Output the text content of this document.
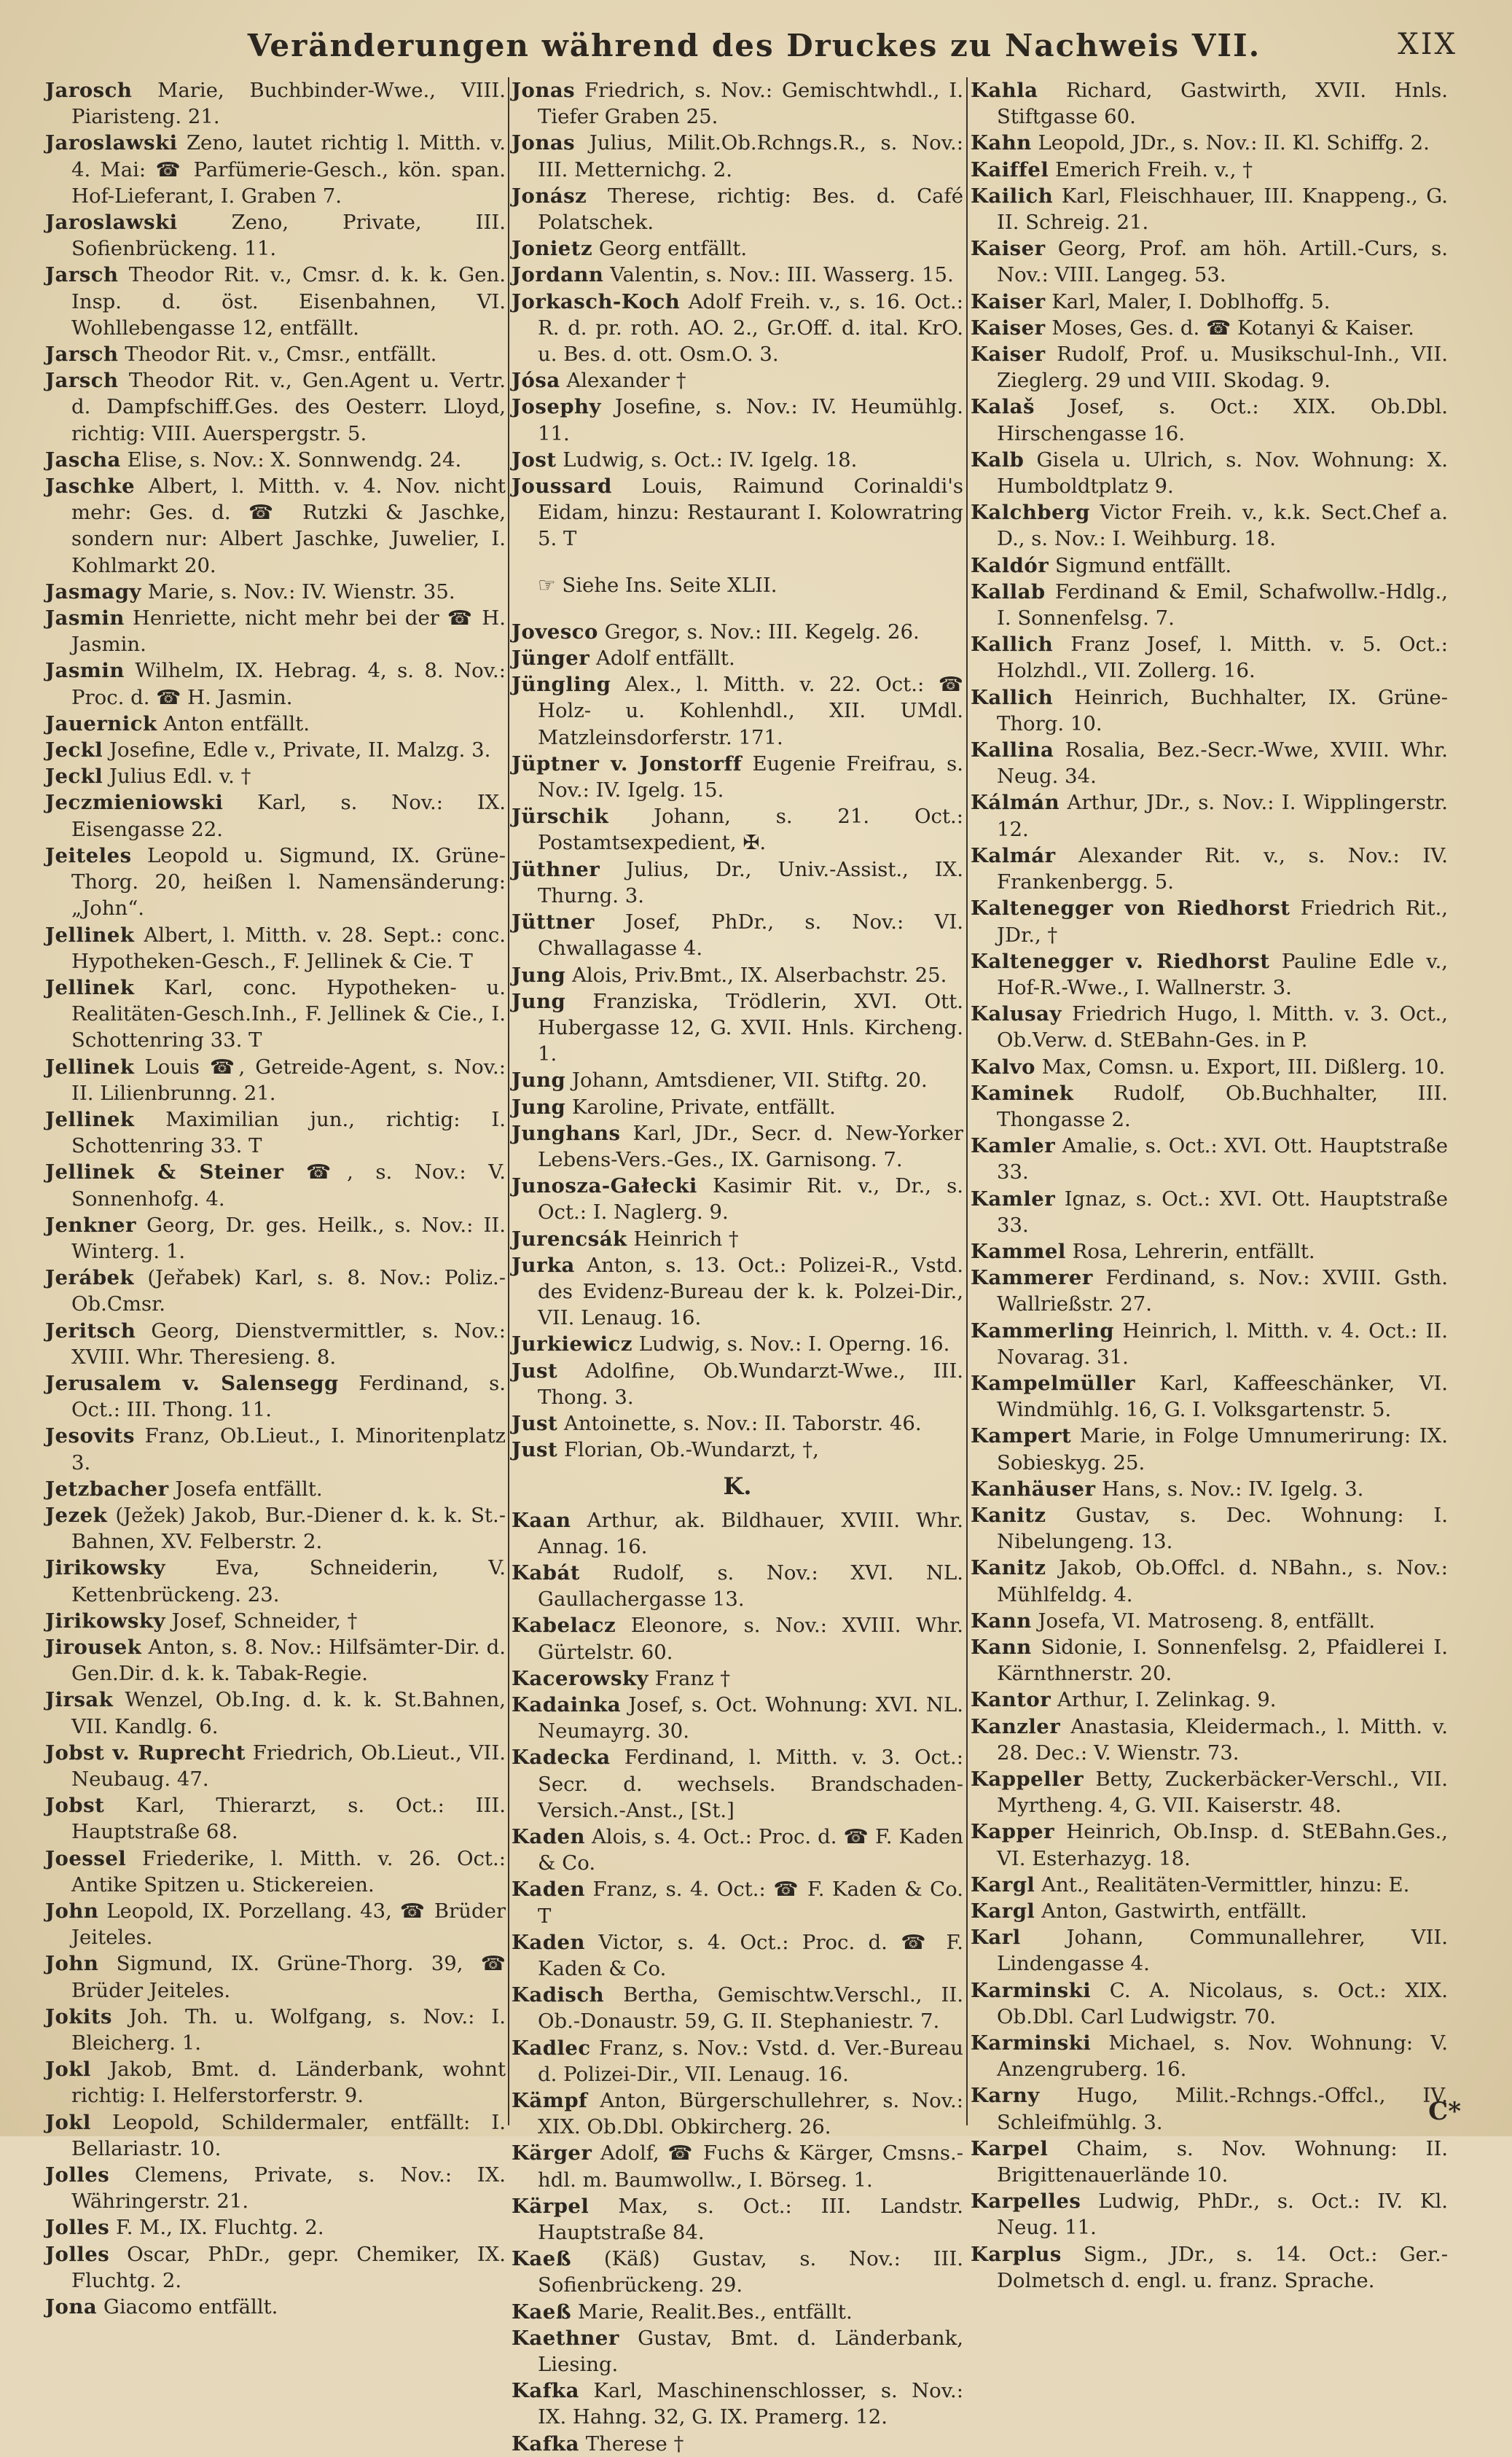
Veränderungen während des Druckes zu Nachweis VII.	XIX

Jarosch Marie, Buchbinder-Wwe., VIII. Piaristeng. 21.

Jaroslawski Zeno, lautet richtig l. Mitth. v. 4. Mai: ☎ Parfümerie-Gesch., kön. span. Hof-Lieferant, I. Graben 7.

Jaroslawski	Zeno, Private, III. Sofienbrückeng. 11.

Jarsch Theodor Rit. v., Cmsr. d. k. k. Gen. Insp. d. öst. Eisenbahnen, VI. Wohllebengasse 12, entfällt.

Jarsch Theodor Rit. v., Cmsr., entfällt.

Jarsch Theodor Rit. v., Gen.Agent u. Vertr. d. Dampfschiff.Ges. des Oesterr. Lloyd, richtig: VIII. Auerspergstr. 5.

Jascha Elise, s. Nov.: X. Sonnwendg. 24.

Jaschke Albert, l. Mitth. v. 4. Nov. nicht mehr: Ges. d. ☎ Rutzki & Jaschke, sondern nur: Albert Jaschke, Juwelier, I. Kohlmarkt 20.

Jasmagy Marie, s. Nov.: IV. Wienstr. 35.

Jasmin Henriette, nicht mehr bei der ☎ H. Jasmin.

Jasmin Wilhelm, IX. Hebrag. 4, s. 8. Nov.: Proc. d. ☎ H. Jasmin.

Jauernick Anton entfällt.

Jeckl Josefine, Edle v., Private, II. Malzg. 3.

Jeckl Julius Edl. v. †

Jeczmieniowski Karl, s. Nov.: IX. Eisengasse 22.

Jeiteles Leopold u. Sigmund, IX. Grüne-Thorg. 20, heißen l. Namensänderung: „John“.

Jellinek Albert, l. Mitth. v. 28. Sept.: conc. Hypotheken-Gesch., F. Jellinek & Cie. T

Jellinek Karl, conc. Hypotheken- u. Realitäten-Gesch.Inh., F. Jellinek & Cie., I. Schottenring 33. T

Jellinek Louis ☎, Getreide-Agent, s. Nov.: II. Lilienbrunng. 21.

Jellinek Maximilian jun., richtig: I. Schottenring 33. T

Jellinek & Steiner ☎, s. Nov.: V. Sonnenhofg. 4.

Jenkner Georg, Dr. ges. Heilk., s. Nov.: II. Winterg. 1.

Jerábek (Jeřabek) Karl, s. 8. Nov.: Poliz.-Ob.Cmsr.

Jeritsch Georg, Dienstvermittler, s. Nov.: XVIII. Whr. Theresieng. 8.

Jerusalem v. Salensegg Ferdinand, s. Oct.: III. Thong. 11.

Jesovits Franz, Ob.Lieut., I. Minoritenplatz 3.

Jetzbacher Josefa entfällt.

Jezek (Ježek) Jakob, Bur.-Diener d. k. k. St.-Bahnen, XV. Felberstr. 2.

Jirikowsky Eva, Schneiderin, V. Kettenbrückeng. 23.

Jirikowsky Josef, Schneider, †

Jirousek Anton, s. 8. Nov.: Hilfsämter-Dir. d. Gen.Dir. d. k. k. Tabak-Regie.

Jirsak Wenzel, Ob.Ing. d. k. k. St.Bahnen, VII. Kandlg. 6.

Jobst v. Ruprecht Friedrich, Ob.Lieut., VII. Neubaug. 47.

Jobst Karl, Thierarzt, s. Oct.: III. Hauptstraße 68.

Joessel Friederike, l. Mitth. v. 26. Oct.: Antike Spitzen u. Stickereien.

John Leopold, IX. Porzellang. 43, ☎ Brüder Jeiteles.

John Sigmund, IX. Grüne-Thorg. 39, ☎ Brüder Jeiteles.

Jokits Joh. Th. u. Wolfgang, s. Nov.: I. Bleicherg. 1.

Jokl Jakob, Bmt. d. Länderbank, wohnt richtig: I. Helferstorferstr. 9.

Jokl Leopold, Schildermaler, entfällt: I. Bellariastr. 10.

Jolles Clemens, Private, s. Nov.: IX. Währingerstr. 21.

Jolles F. M., IX. Fluchtg. 2.

Jolles Oscar, PhDr., gepr. Chemiker, IX. Fluchtg. 2.

Jona Giacomo entfällt.

Jonas Friedrich, s. Nov.: Gemischtwhdl., I. Tiefer Graben 25.

Jonas Julius, Milit.Ob.Rchngs.R., s. Nov.: III. Metternichg. 2.

Jonász Therese, richtig: Bes. d. Café Polatschek.

Jonietz Georg entfällt.

Jordann Valentin, s. Nov.: III. Wasserg. 15.

Jorkasch-Koch Adolf Freih. v., s. 16. Oct.: R. d. pr. roth. AO. 2., Gr.Off. d. ital. KrO. u. Bes. d. ott. Osm.O. 3.

Jósa Alexander †

Josephy Josefine, s. Nov.: IV. Heumühlg. 11.

Jost Ludwig, s. Oct.: IV. Igelg. 18.

Joussard Louis, Raimund Corinaldi's Eidam, hinzu: Restaurant I. Kolowratring 5. T

☞ Siehe Ins. Seite XLII.

Jovesco Gregor, s. Nov.: III. Kegelg. 26.

Jünger Adolf entfällt.

Jüngling Alex., l. Mitth. v. 22. Oct.: ☎ Holz- u. Kohlenhdl., XII. UMdl. Matzleinsdorferstr. 171.

Jüptner v. Jonstorff Eugenie Freifrau, s. Nov.: IV. Igelg. 15.

Jürschik Johann, s. 21. Oct.: Postamtsexpedient, ✠.

Jüthner Julius, Dr., Univ.-Assist., IX. Thurng. 3.

Jüttner Josef, PhDr., s. Nov.: VI. Chwallagasse 4.

Jung Alois, Priv.Bmt., IX. Alserbachstr. 25.

Jung Franziska, Trödlerin, XVI. Ott. Hubergasse 12, G. XVII. Hnls. Kircheng. 1.

Jung Johann, Amtsdiener, VII. Stiftg. 20.

Jung Karoline, Private, entfällt.

Junghans Karl, JDr., Secr. d. New-Yorker Lebens-Vers.-Ges., IX. Garnisong. 7.

Junosza-Gałecki Kasimir Rit. v., Dr., s. Oct.: I. Naglerg. 9.

Jurencsák Heinrich †

Jurka Anton, s. 13. Oct.: Polizei-R., Vstd. des Evidenz-Bureau der k. k. Polzei-Dir., VII. Lenaug. 16.

Jurkiewicz Ludwig, s. Nov.: I. Operng. 16.

Just Adolfine, Ob.Wundarzt-Wwe., III. Thong. 3.

Just Antoinette, s. Nov.: II. Taborstr. 46.

Just Florian, Ob.-Wundarzt, †,

K.

Kaan Arthur, ak. Bildhauer, XVIII. Whr. Annag. 16.

Kabát Rudolf, s. Nov.: XVI. NL. Gaullachergasse 13.

Kabelacz Eleonore, s. Nov.: XVIII. Whr. Gürtelstr. 60.

Kacerowsky Franz †

Kadainka Josef, s. Oct. Wohnung: XVI. NL. Neumayrg. 30.

Kadecka Ferdinand, l. Mitth. v. 3. Oct.: Secr. d. wechsels. Brandschaden-Versich.-Anst., [St.]

Kaden Alois, s. 4. Oct.: Proc. d. ☎ F. Kaden & Co.

Kaden Franz, s. 4. Oct.: ☎ F. Kaden & Co. T

Kaden Victor, s. 4. Oct.: Proc. d. ☎ F. Kaden & Co.

Kadisch Bertha, Gemischtw.Verschl., II. Ob.-Donaustr. 59, G. II. Stephaniestr. 7.

Kadlec Franz, s. Nov.: Vstd. d. Ver.-Bureau d. Polizei-Dir., VII. Lenaug. 16.

Kämpf Anton, Bürgerschullehrer, s. Nov.: XIX. Ob.Dbl. Obkircherg. 26.

Kärger Adolf, ☎ Fuchs & Kärger, Cmsns.-hdl. m. Baumwollw., I. Börseg. 1.

Kärpel Max, s. Oct.: III. Landstr. Hauptstraße 84.

Kaeß (Käß) Gustav, s. Nov.: III. Sofienbrückeng. 29.

Kaeß Marie, Realit.Bes., entfällt.

Kaethner Gustav, Bmt. d. Länderbank, Liesing.

Kafka Karl, Maschinenschlosser, s. Nov.: IX. Hahng. 32, G. IX. Pramerg. 12.

Kafka Therese †

Kahla Richard, Gastwirth, XVII. Hnls. Stiftgasse 60.

Kahn Leopold, JDr., s. Nov.: II. Kl. Schiffg. 2.

Kaiffel Emerich Freih. v., †

Kailich Karl, Fleischhauer, III. Knappeng., G. II. Schreig. 21.

Kaiser Georg, Prof. am höh. Artill.-Curs, s. Nov.: VIII. Langeg. 53.

Kaiser Karl, Maler, I. Doblhoffg. 5.

Kaiser Moses, Ges. d. ☎ Kotanyi & Kaiser.

Kaiser Rudolf, Prof. u. Musikschul-Inh., VII. Zieglerg. 29 und VIII. Skodag. 9.

Kalaš Josef, s. Oct.: XIX. Ob.Dbl. Hirschengasse 16.

Kalb Gisela u. Ulrich, s. Nov. Wohnung: X. Humboldtplatz 9.

Kalchberg Victor Freih. v., k.k. Sect.Chef a. D., s. Nov.: I. Weihburg. 18.

Kaldór Sigmund entfällt.

Kallab Ferdinand & Emil, Schafwollw.-Hdlg., I. Sonnenfelsg. 7.

Kallich Franz Josef, l. Mitth. v. 5. Oct.: Holzhdl., VII. Zollerg. 16.

Kallich Heinrich, Buchhalter, IX. Grüne-Thorg. 10.

Kallina Rosalia, Bez.-Secr.-Wwe, XVIII. Whr. Neug. 34.

Kálmán Arthur, JDr., s. Nov.: I. Wipplingerstr. 12.

Kalmár Alexander Rit. v., s. Nov.: IV. Frankenbergg. 5.

Kaltenegger von Riedhorst Friedrich Rit., JDr., †

Kaltenegger v. Riedhorst Pauline Edle v., Hof-R.-Wwe., I. Wallnerstr. 3.

Kalusay Friedrich Hugo, l. Mitth. v. 3. Oct., Ob.Verw. d. StEBahn-Ges. in P.

Kalvo Max, Comsn. u. Export, III. Dißlerg. 10.

Kaminek Rudolf, Ob.Buchhalter, III. Thongasse 2.

Kamler Amalie, s. Oct.: XVI. Ott. Hauptstraße 33.

Kamler Ignaz, s. Oct.: XVI. Ott. Hauptstraße 33.

Kammel Rosa, Lehrerin, entfällt.

Kammerer Ferdinand, s. Nov.: XVIII. Gsth. Wallrießstr. 27.

Kammerling Heinrich, l. Mitth. v. 4. Oct.: II. Novarag. 31.

Kampelmüller Karl, Kaffeeschänker, VI. Windmühlg. 16, G. I. Volksgartenstr. 5.

Kampert Marie, in Folge Umnumerirung: IX. Sobieskyg. 25.

Kanhäuser Hans, s. Nov.: IV. Igelg. 3.

Kanitz Gustav, s. Dec. Wohnung: I. Nibelungeng. 13.

Kanitz Jakob, Ob.Offcl. d. NBahn., s. Nov.: Mühlfeldg. 4.

Kann Josefa, VI. Matroseng. 8, entfällt.

Kann Sidonie, I. Sonnenfelsg. 2, Pfaidlerei I. Kärnthnerstr. 20.

Kantor Arthur, I. Zelinkag. 9.

Kanzler Anastasia, Kleidermach., l. Mitth. v. 28. Dec.: V. Wienstr. 73.

Kappeller Betty, Zuckerbäcker-Verschl., VII. Myrtheng. 4, G. VII. Kaiserstr. 48.

Kapper Heinrich, Ob.Insp. d. StEBahn.Ges., VI. Esterhazyg. 18.

Kargl Ant., Realitäten-Vermittler, hinzu: E.

Kargl Anton, Gastwirth, entfällt.

Karl Johann, Communallehrer, VII. Lindengasse 4.

Karminski C. A. Nicolaus, s. Oct.: XIX. Ob.Dbl. Carl Ludwigstr. 70.

Karminski Michael, s. Nov. Wohnung: V. Anzengruberg. 16.

Karny Hugo, Milit.-Rchngs.-Offcl., IV. Schleifmühlg. 3.

Karpel Chaim, s. Nov. Wohnung: II. Brigittenauerlände 10.

Karpelles Ludwig, PhDr., s. Oct.: IV. Kl. Neug. 11.

Karplus Sigm., JDr., s. 14. Oct.: Ger.-Dolmetsch d. engl. u. franz. Sprache.

C*
